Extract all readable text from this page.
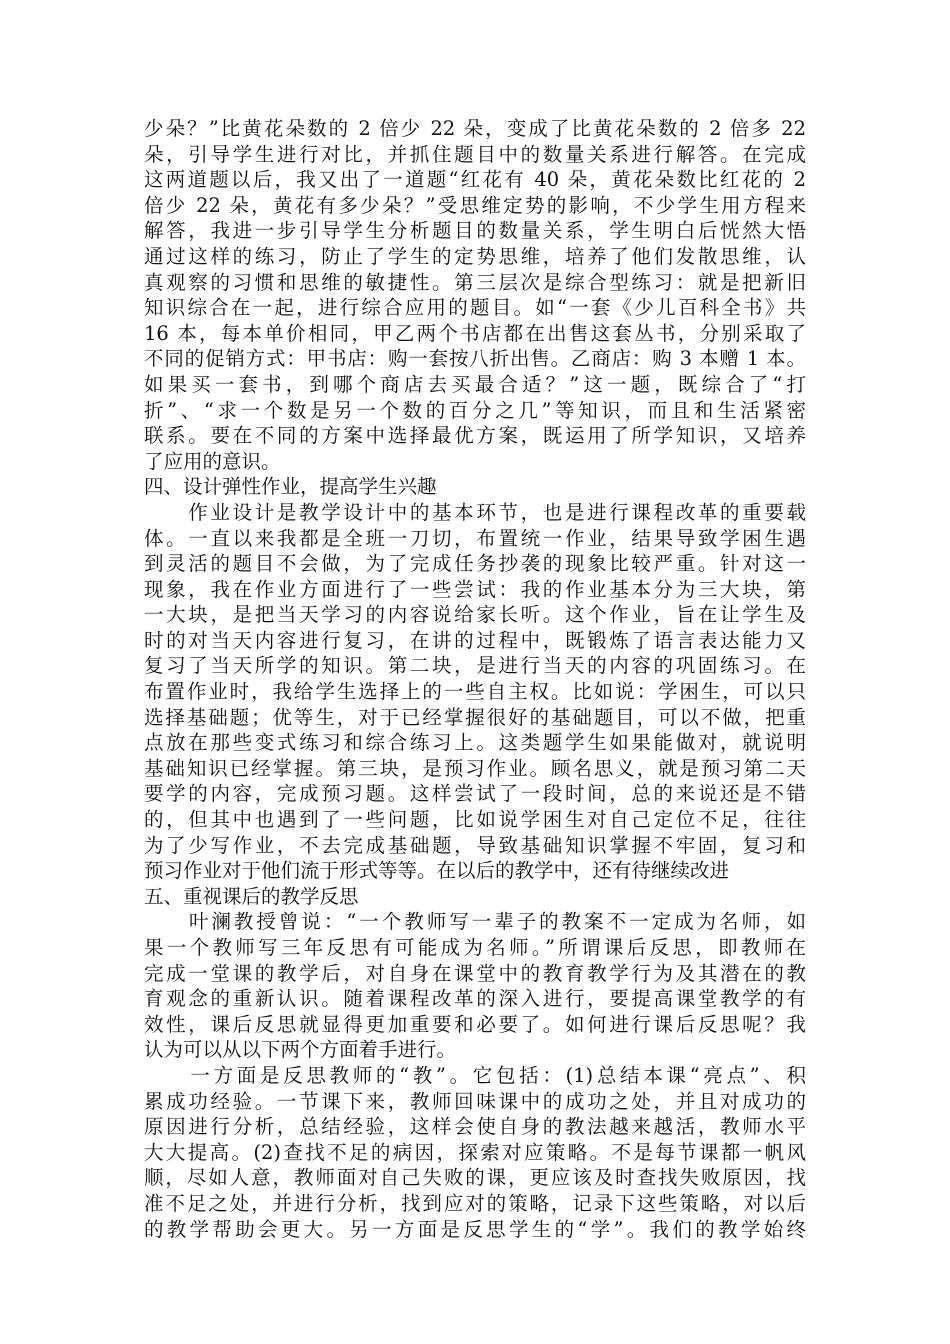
少朵？”比黄花朵数的 2 倍少 22 朵，变成了比黄花朵数的 2 倍多 22
朵，引导学生进行对比，并抓住题目中的数量关系进行解答。在完成
这两道题以后，我又出了一道题“红花有 40 朵，黄花朵数比红花的 2
倍少 22 朵，黄花有多少朵？”受思维定势的影响，不少学生用方程来
解答，我进一步引导学生分析题目的数量关系，学生明白后恍然大悟
通过这样的练习，防止了学生的定势思维，培养了他们发散思维，认
真观察的习惯和思维的敏捷性。第三层次是综合型练习：就是把新旧
知识综合在一起，进行综合应用的题目。如“一套《少儿百科全书》共
16 本，每本单价相同，甲乙两个书店都在出售这套丛书，分别采取了
不同的促销方式：甲书店：购一套按八折出售。乙商店：购 3 本赠 1 本。
如果买一套书，到哪个商店去买最合适？”这一题，既综合了“打
折”、“求一个数是另一个数的百分之几”等知识，而且和生活紧密
联系。要在不同的方案中选择最优方案，既运用了所学知识，又培养
了应用的意识。
四、设计弹性作业，提高学生兴趣
　　作业设计是教学设计中的基本环节，也是进行课程改革的重要载
体。一直以来我都是全班一刀切，布置统一作业，结果导致学困生遇
到灵活的题目不会做，为了完成任务抄袭的现象比较严重。针对这一
现象，我在作业方面进行了一些尝试：我的作业基本分为三大块，第
一大块，是把当天学习的内容说给家长听。这个作业，旨在让学生及
时的对当天内容进行复习，在讲的过程中，既锻炼了语言表达能力又
复习了当天所学的知识。第二块，是进行当天的内容的巩固练习。在
布置作业时，我给学生选择上的一些自主权。比如说：学困生，可以只
选择基础题；优等生，对于已经掌握很好的基础题目，可以不做，把重
点放在那些变式练习和综合练习上。这类题学生如果能做对，就说明
基础知识已经掌握。第三块，是预习作业。顾名思义，就是预习第二天
要学的内容，完成预习题。这样尝试了一段时间，总的来说还是不错
的，但其中也遇到了一些问题，比如说学困生对自己定位不足，往往
为了少写作业，不去完成基础题，导致基础知识掌握不牢固，复习和
预习作业对于他们流于形式等等。在以后的教学中，还有待继续改进
五、重视课后的教学反思
　　叶澜教授曾说：“一个教师写一辈子的教案不一定成为名师，如
果一个教师写三年反思有可能成为名师。”所谓课后反思，即教师在
完成一堂课的教学后，对自身在课堂中的教育教学行为及其潜在的教
育观念的重新认识。随着课程改革的深入进行，要提高课堂教学的有
效性，课后反思就显得更加重要和必要了。如何进行课后反思呢？我
认为可以从以下两个方面着手进行。
　　一方面是反思教师的“教”。它包括：(1)总结本课“亮点”、积
累成功经验。一节课下来，教师回味课中的成功之处，并且对成功的
原因进行分析，总结经验，这样会使自身的教法越来越活，教师水平
大大提高。(2)查找不足的病因，探索对应策略。不是每节课都一帆风
顺，尽如人意，教师面对自己失败的课，更应该及时查找失败原因，找
准不足之处，并进行分析，找到应对的策略，记录下这些策略，对以后
的教学帮助会更大。另一方面是反思学生的“学”。我们的教学始终
